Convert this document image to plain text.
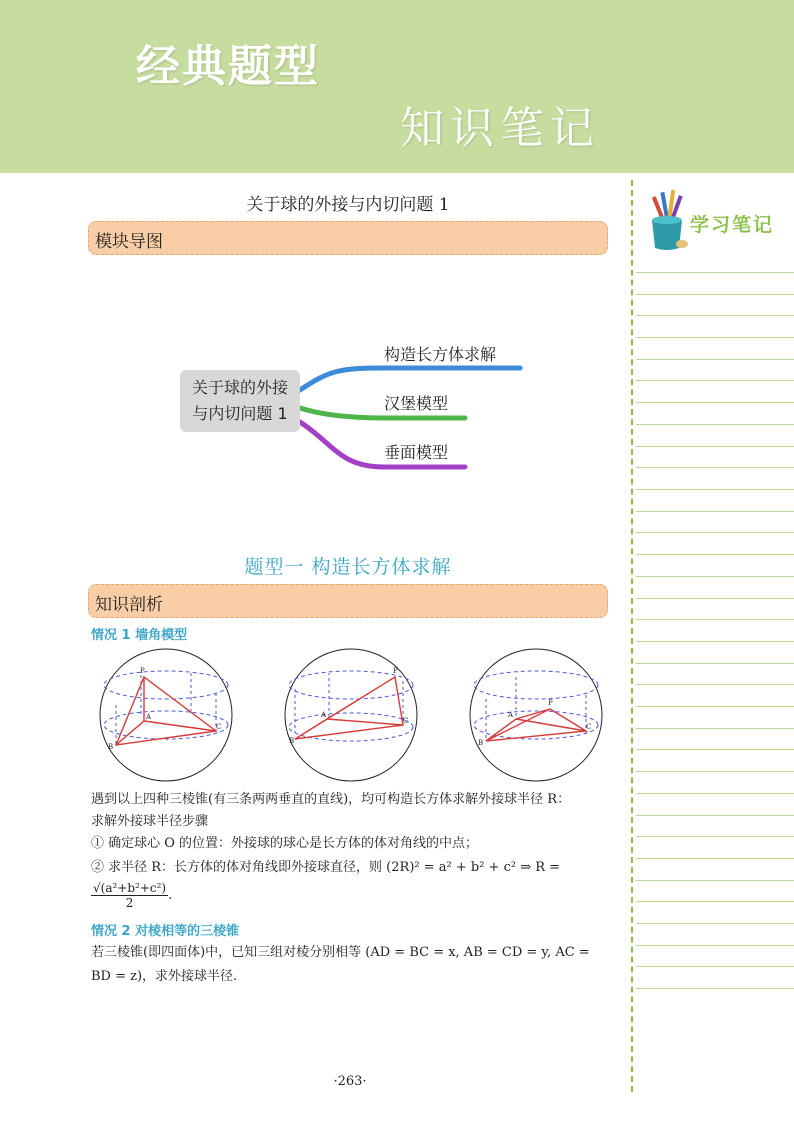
经典题型
知识笔记
学习笔记
关于球的外接与内切问题 1
模块导图
关于球的外接
与内切问题 1
构造长方体求解
汉堡模型
垂面模型
题型一 构造长方体求解
知识剖析
情况 1 墙角模型
P
B
C
A
P
B
C
A
P
B
C
A
遇到以上四种三棱锥(有三条两两垂直的直线)，均可构造长方体求解外接球半径 R：
求解外接球半径步骤
① 确定球心 O 的位置：外接球的球心是长方体的体对角线的中点；
② 求半径 R：长方体的体对角线即外接球直径，则 (2R)² = a² + b² + c² ⇒ R =
$\frac{\text{√(a²+b²+c²)}}{2}$ .
情况 2 对棱相等的三棱锥
若三棱锥(即四面体)中，已知三组对棱分别相等 (AD = BC = x, AB = CD = y, AC =
BD = z)，求外接球半径.
·263·
